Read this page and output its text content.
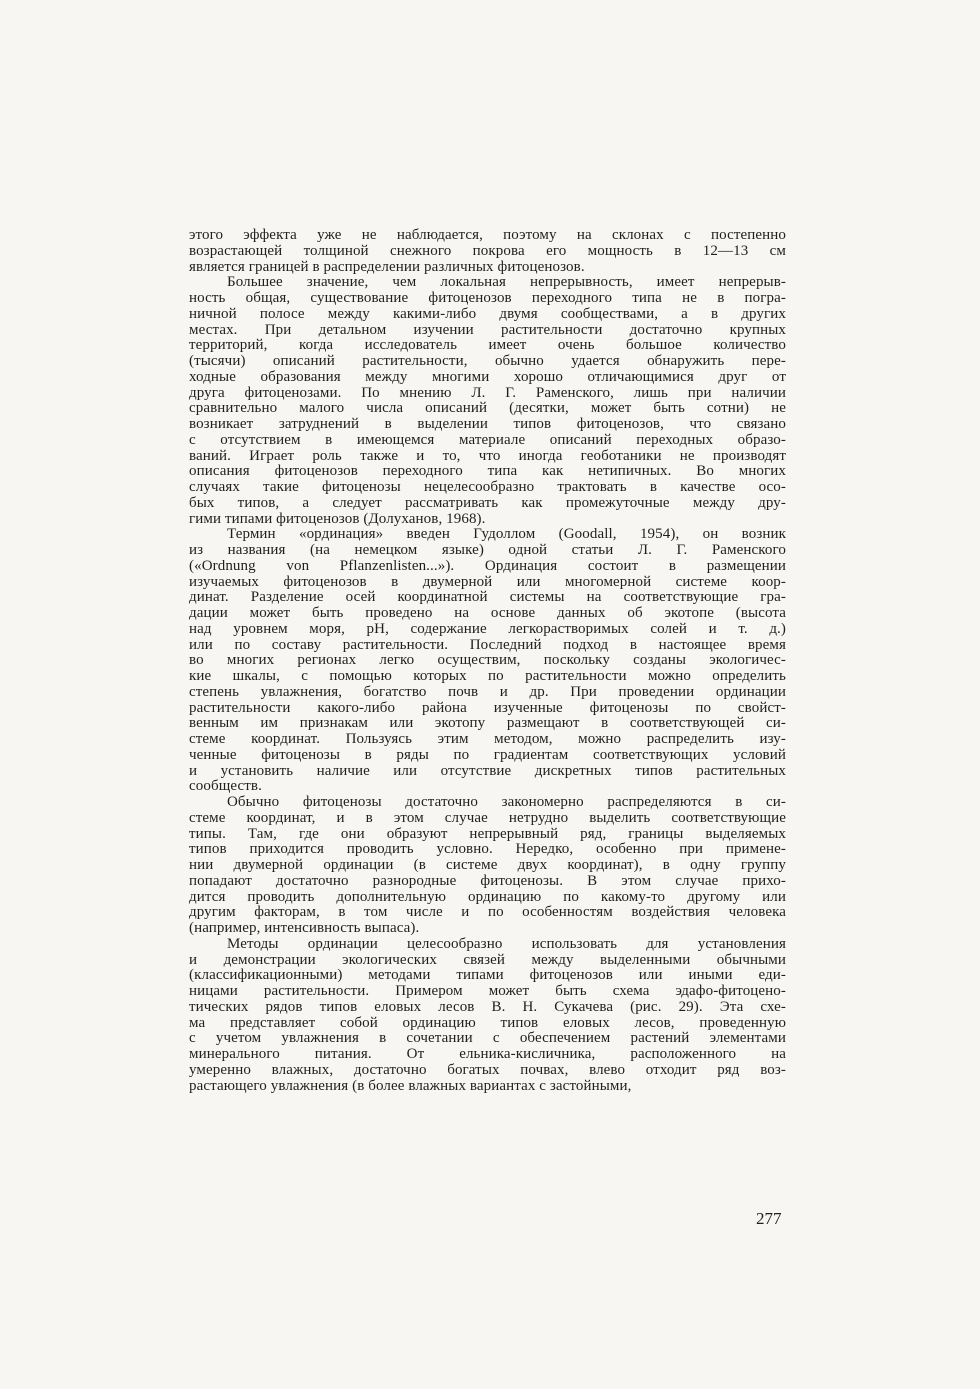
этого эффекта уже не наблюдается, поэтому на склонах с постепенно
возрастающей толщиной снежного покрова его мощность в 12—13 см
является границей в распределении различных фитоценозов.
Большее значение, чем локальная непрерывность, имеет непрерыв-
ность общая, существование фитоценозов переходного типа не в погра-
ничной полосе между какими-либо двумя сообществами, а в других
местах. При детальном изучении растительности достаточно крупных
территорий, когда исследователь имеет очень большое количество
(тысячи) описаний растительности, обычно удается обнаружить пере-
ходные образования между многими хорошо отличающимися друг от
друга фитоценозами. По мнению Л. Г. Раменского, лишь при наличии
сравнительно малого числа описаний (десятки, может быть сотни) не
возникает затруднений в выделении типов фитоценозов, что связано
с отсутствием в имеющемся материале описаний переходных образо-
ваний. Играет роль также и то, что иногда геоботаники не производят
описания фитоценозов переходного типа как нетипичных. Во многих
случаях такие фитоценозы нецелесообразно трактовать в качестве осо-
бых типов, а следует рассматривать как промежуточные между дру-
гими типами фитоценозов (Долуханов, 1968).
Термин «ординация» введен Гудоллом (Goodall, 1954), он возник
из названия (на немецком языке) одной статьи Л. Г. Раменского
(«Ordnung von Pflanzenlisten...»). Ординация состоит в размещении
изучаемых фитоценозов в двумерной или многомерной системе коор-
динат. Разделение осей координатной системы на соответствующие гра-
дации может быть проведено на основе данных об экотопе (высота
над уровнем моря, pH, содержание легкорастворимых солей и т. д.)
или по составу растительности. Последний подход в настоящее время
во многих регионах легко осуществим, поскольку созданы экологичес-
кие шкалы, с помощью которых по растительности можно определить
степень увлажнения, богатство почв и др. При проведении ординации
растительности какого-либо района изученные фитоценозы по свойст-
венным им признакам или экотопу размещают в соответствующей си-
стеме координат. Пользуясь этим методом, можно распределить изу-
ченные фитоценозы в ряды по градиентам соответствующих условий
и установить наличие или отсутствие дискретных типов растительных
сообществ.
Обычно фитоценозы достаточно закономерно распределяются в си-
стеме координат, и в этом случае нетрудно выделить соответствующие
типы. Там, где они образуют непрерывный ряд, границы выделяемых
типов приходится проводить условно. Нередко, особенно при примене-
нии двумерной ординации (в системе двух координат), в одну группу
попадают достаточно разнородные фитоценозы. В этом случае прихо-
дится проводить дополнительную ординацию по какому-то другому или
другим факторам, в том числе и по особенностям воздействия человека
(например, интенсивность выпаса).
Методы ординации целесообразно использовать для установления
и демонстрации экологических связей между выделенными обычными
(классификационными) методами типами фитоценозов или иными еди-
ницами растительности. Примером может быть схема эдафо-фитоцено-
тических рядов типов еловых лесов В. Н. Сукачева (рис. 29). Эта схе-
ма представляет собой ординацию типов еловых лесов, проведенную
с учетом увлажнения в сочетании с обеспечением растений элементами
минерального питания. От ельника-кисличника, расположенного на
умеренно влажных, достаточно богатых почвах, влево отходит ряд воз-
растающего увлажнения (в более влажных вариантах с застойными,
277
